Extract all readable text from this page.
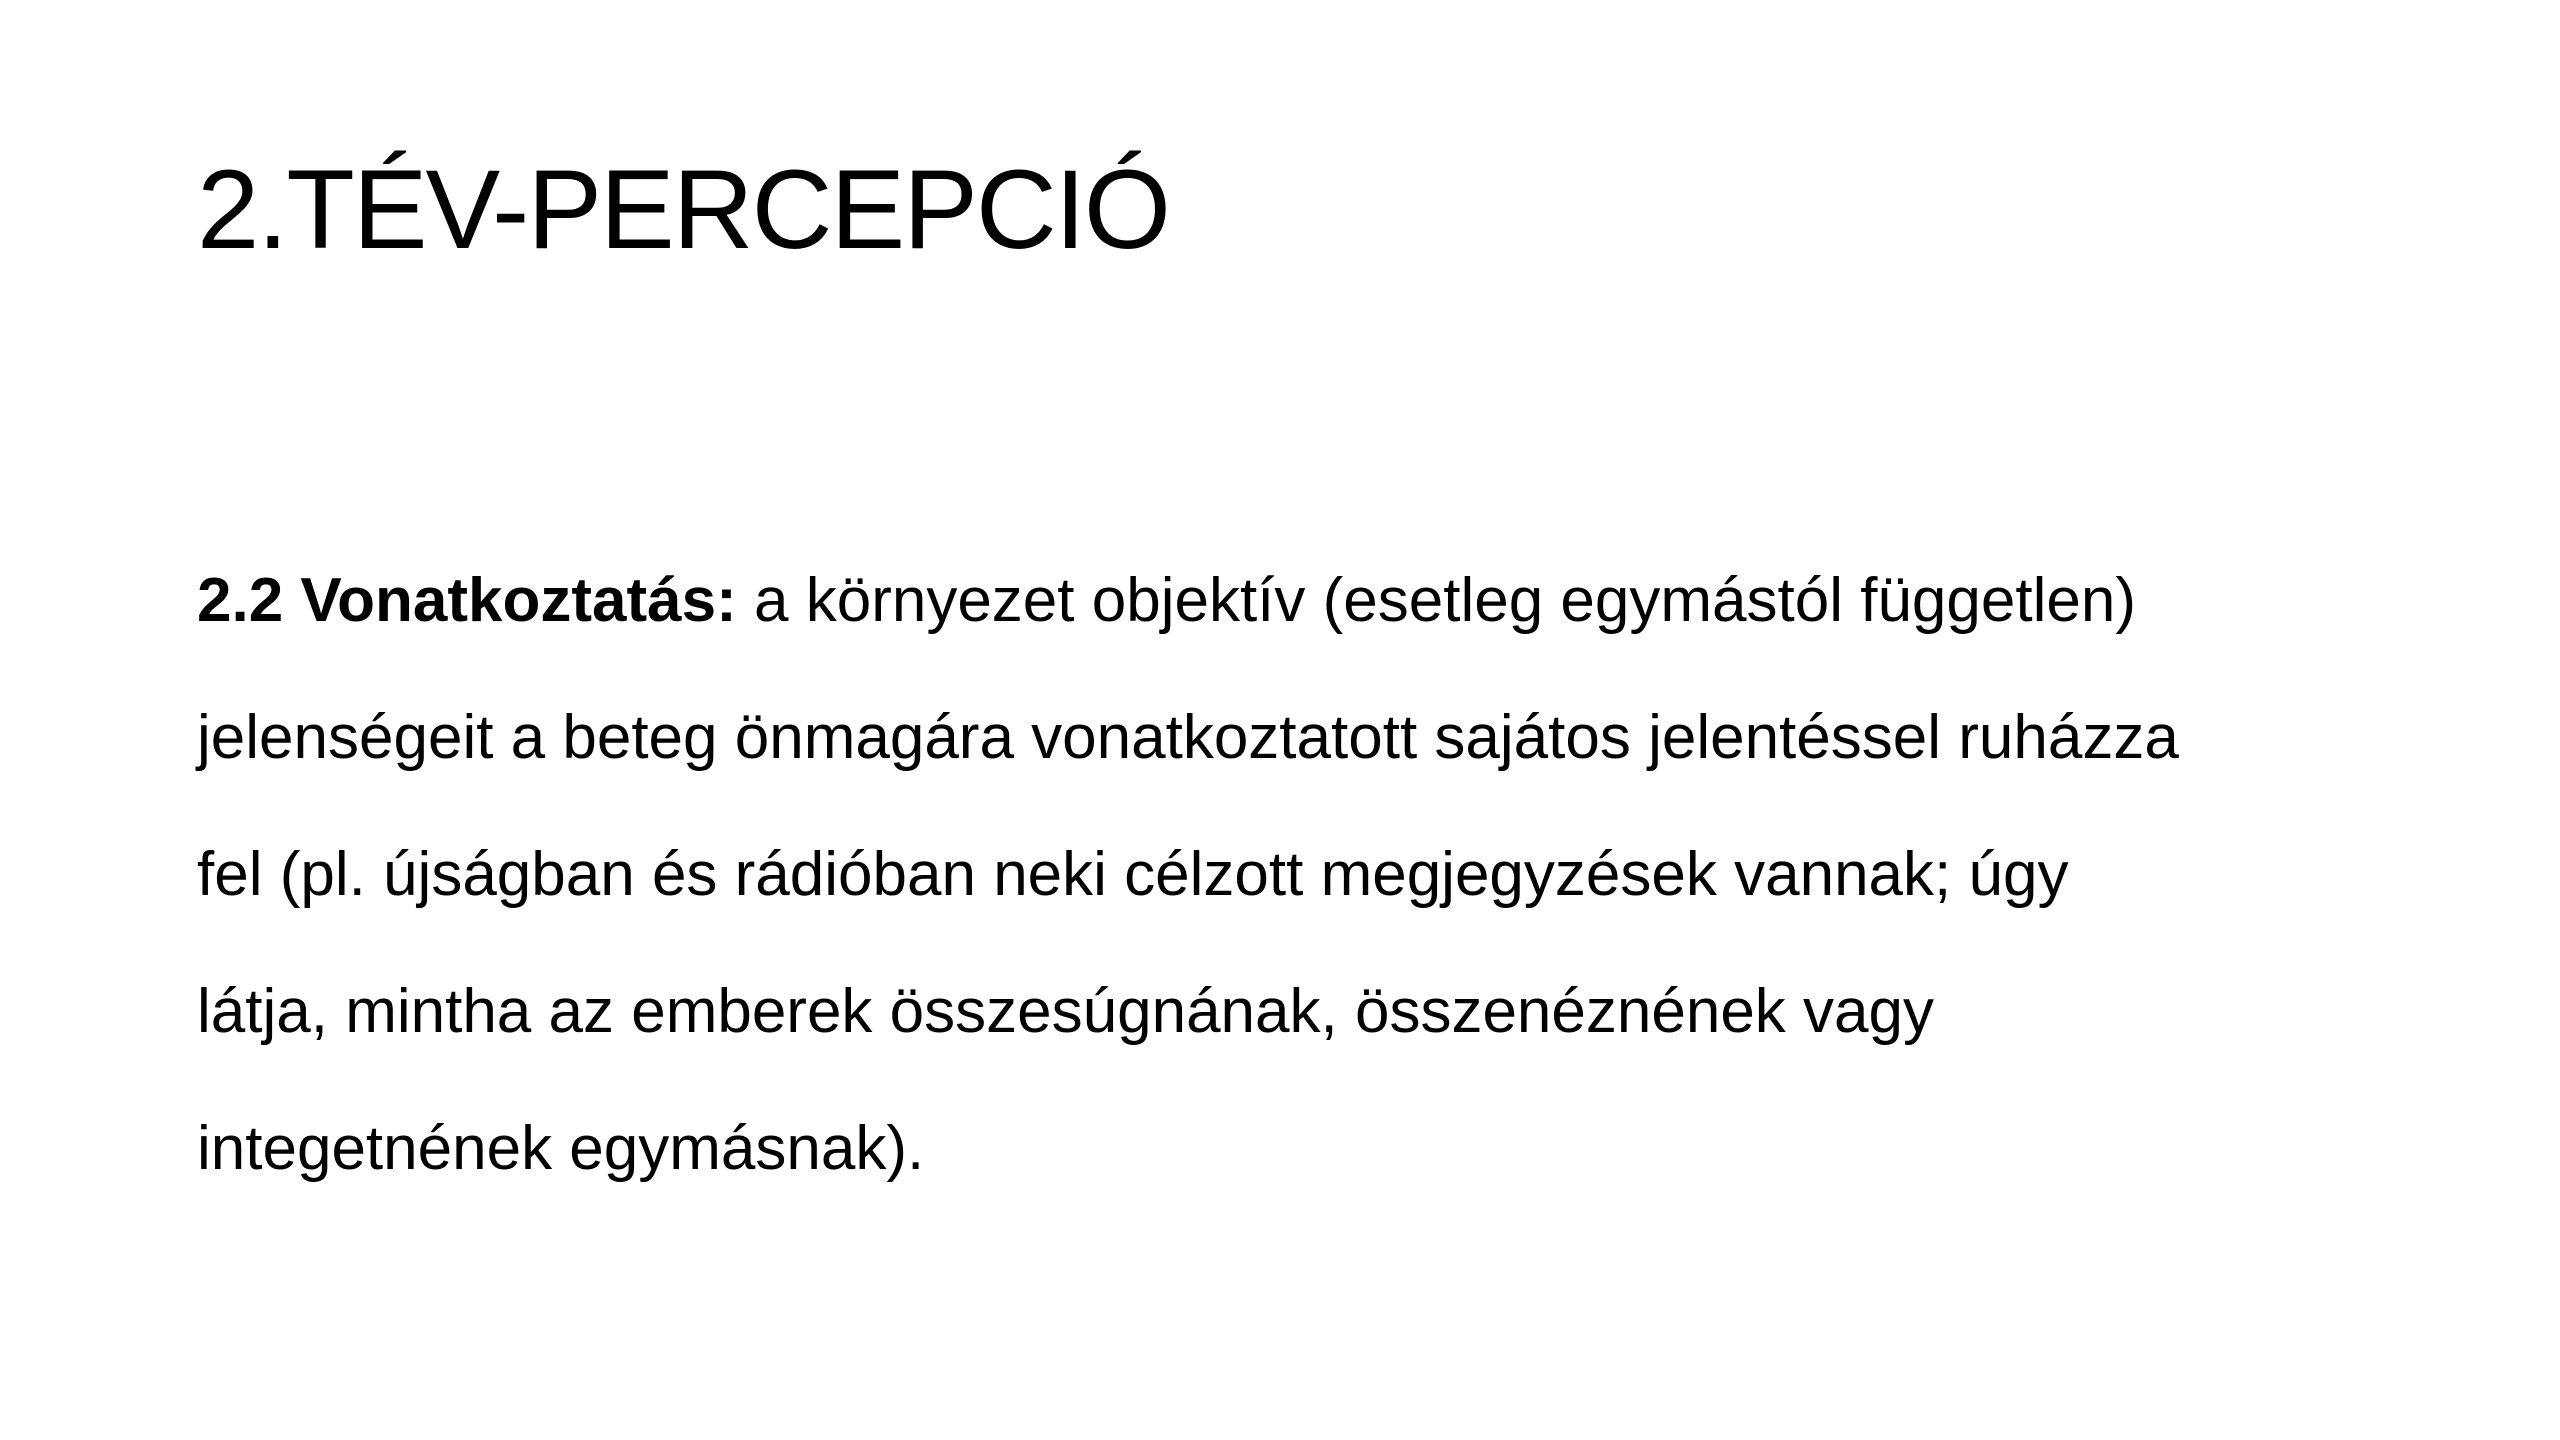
2.TÉV-PERCEPCIÓ
2.2 Vonatkoztatás: a környezet objektív (esetleg egymástól független)
jelenségeit a beteg önmagára vonatkoztatott sajátos jelentéssel ruházza
fel (pl. újságban és rádióban neki célzott megjegyzések vannak; úgy
látja, mintha az emberek összesúgnának, összenéznének vagy
integetnének egymásnak).
